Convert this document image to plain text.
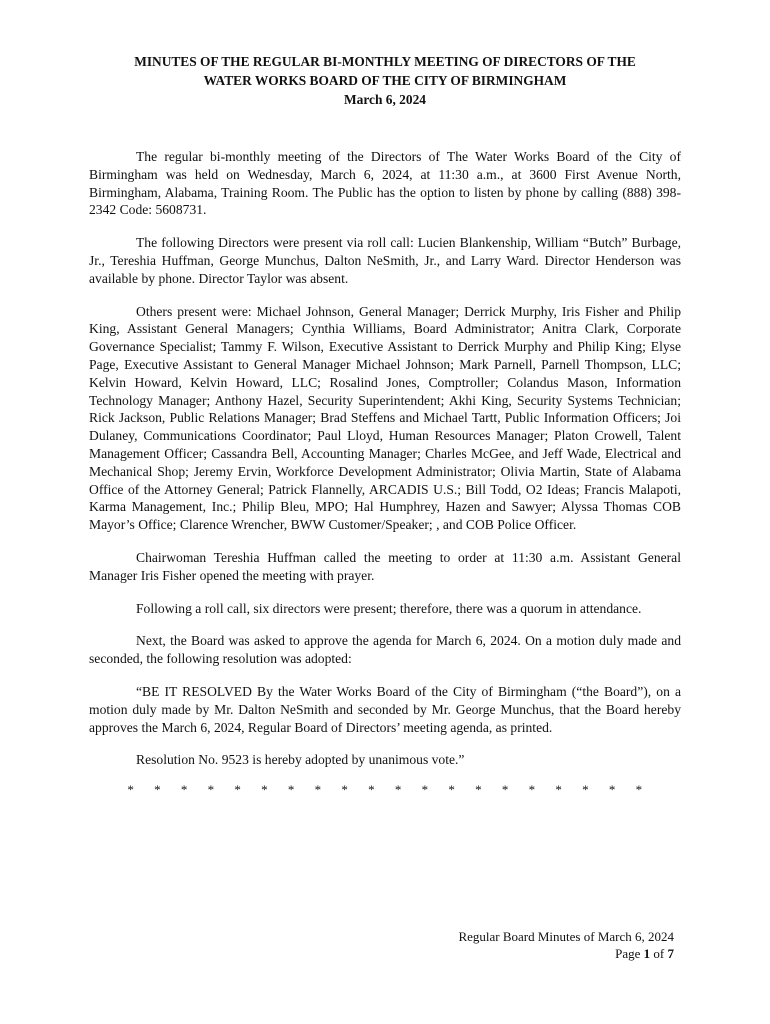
MINUTES OF THE REGULAR BI-MONTHLY MEETING OF DIRECTORS OF THE
WATER WORKS BOARD OF THE CITY OF BIRMINGHAM
March 6, 2024

The regular bi-monthly meeting of the Directors of The Water Works Board of the City of Birmingham was held on Wednesday, March 6, 2024, at 11:30 a.m., at 3600 First Avenue North, Birmingham, Alabama, Training Room. The Public has the option to listen by phone by calling (888) 398-2342 Code: 5608731.

The following Directors were present via roll call: Lucien Blankenship, William “Butch” Burbage, Jr., Tereshia Huffman, George Munchus, Dalton NeSmith, Jr., and Larry Ward. Director Henderson was available by phone. Director Taylor was absent.

Others present were: Michael Johnson, General Manager; Derrick Murphy, Iris Fisher and Philip King, Assistant General Managers; Cynthia Williams, Board Administrator; Anitra Clark, Corporate Governance Specialist; Tammy F. Wilson, Executive Assistant to Derrick Murphy and Philip King; Elyse Page, Executive Assistant to General Manager Michael Johnson; Mark Parnell, Parnell Thompson, LLC; Kelvin Howard, Kelvin Howard, LLC; Rosalind Jones, Comptroller; Colandus Mason, Information Technology Manager; Anthony Hazel, Security Superintendent; Akhi King, Security Systems Technician; Rick Jackson, Public Relations Manager; Brad Steffens and Michael Tartt, Public Information Officers; Joi Dulaney, Communications Coordinator; Paul Lloyd, Human Resources Manager; Platon Crowell, Talent Management Officer; Cassandra Bell, Accounting Manager; Charles McGee, and Jeff Wade, Electrical and Mechanical Shop; Jeremy Ervin, Workforce Development Administrator; Olivia Martin, State of Alabama Office of the Attorney General; Patrick Flannelly, ARCADIS U.S.; Bill Todd, O2 Ideas; Francis Malapoti, Karma Management, Inc.; Philip Bleu, MPO; Hal Humphrey, Hazen and Sawyer; Alyssa Thomas COB Mayor’s Office; Clarence Wrencher, BWW Customer/Speaker; , and COB Police Officer.

Chairwoman Tereshia Huffman called the meeting to order at 11:30 a.m. Assistant General Manager Iris Fisher opened the meeting with prayer.

Following a roll call, six directors were present; therefore, there was a quorum in attendance.

Next, the Board was asked to approve the agenda for March 6, 2024. On a motion duly made and seconded, the following resolution was adopted:

“BE IT RESOLVED By the Water Works Board of the City of Birmingham (“the Board”), on a motion duly made by Mr. Dalton NeSmith and seconded by Mr. George Munchus, that the Board hereby approves the March 6, 2024, Regular Board of Directors’ meeting agenda, as printed.

Resolution No. 9523 is hereby adopted by unanimous vote.”

* * * * * * * * * * * * * * * * * * * *
Regular Board Minutes of March 6, 2024
Page 1 of 7
